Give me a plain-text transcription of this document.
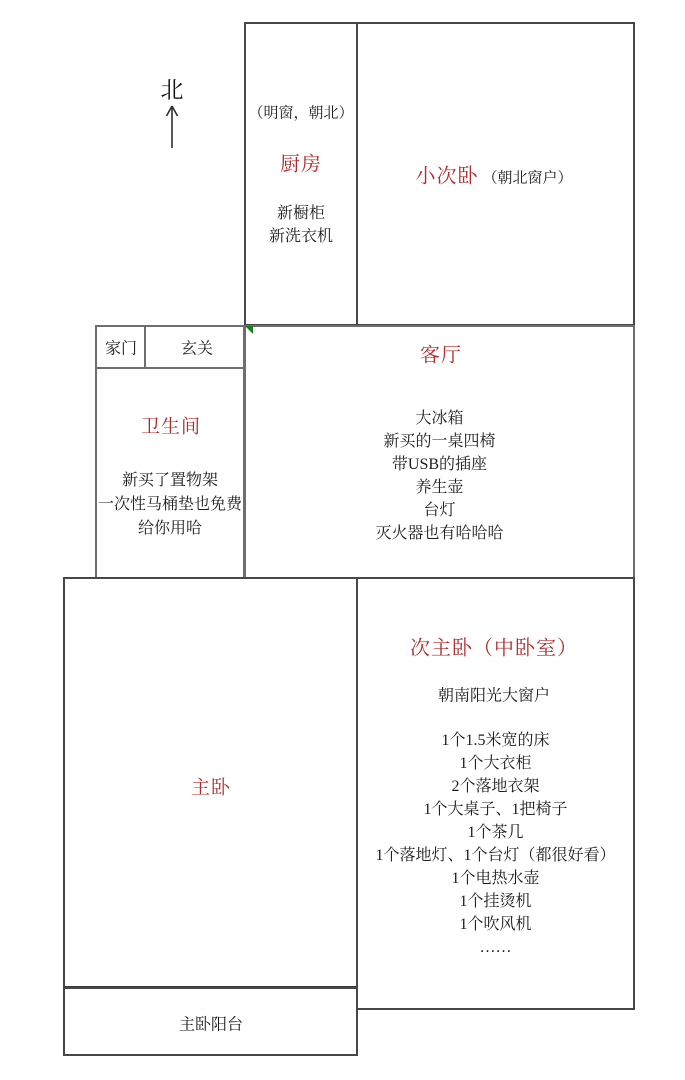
北
（明窗，朝北）
厨房
新橱柜
新洗衣机
小次卧 （朝北窗户）
家门	玄关
卫生间
新买了置物架
一次性马桶垫也免费
给你用哈
客厅
大冰箱
新买的一桌四椅
带USB的插座
养生壶
台灯
灭火器也有哈哈哈
主卧
次主卧（中卧室）
朝南阳光大窗户
1个1.5米宽的床
1个大衣柜
2个落地衣架
1个大桌子、1把椅子
1个茶几
1个落地灯、1个台灯（都很好看）
1个电热水壶
1个挂烫机
1个吹风机
……
主卧阳台
